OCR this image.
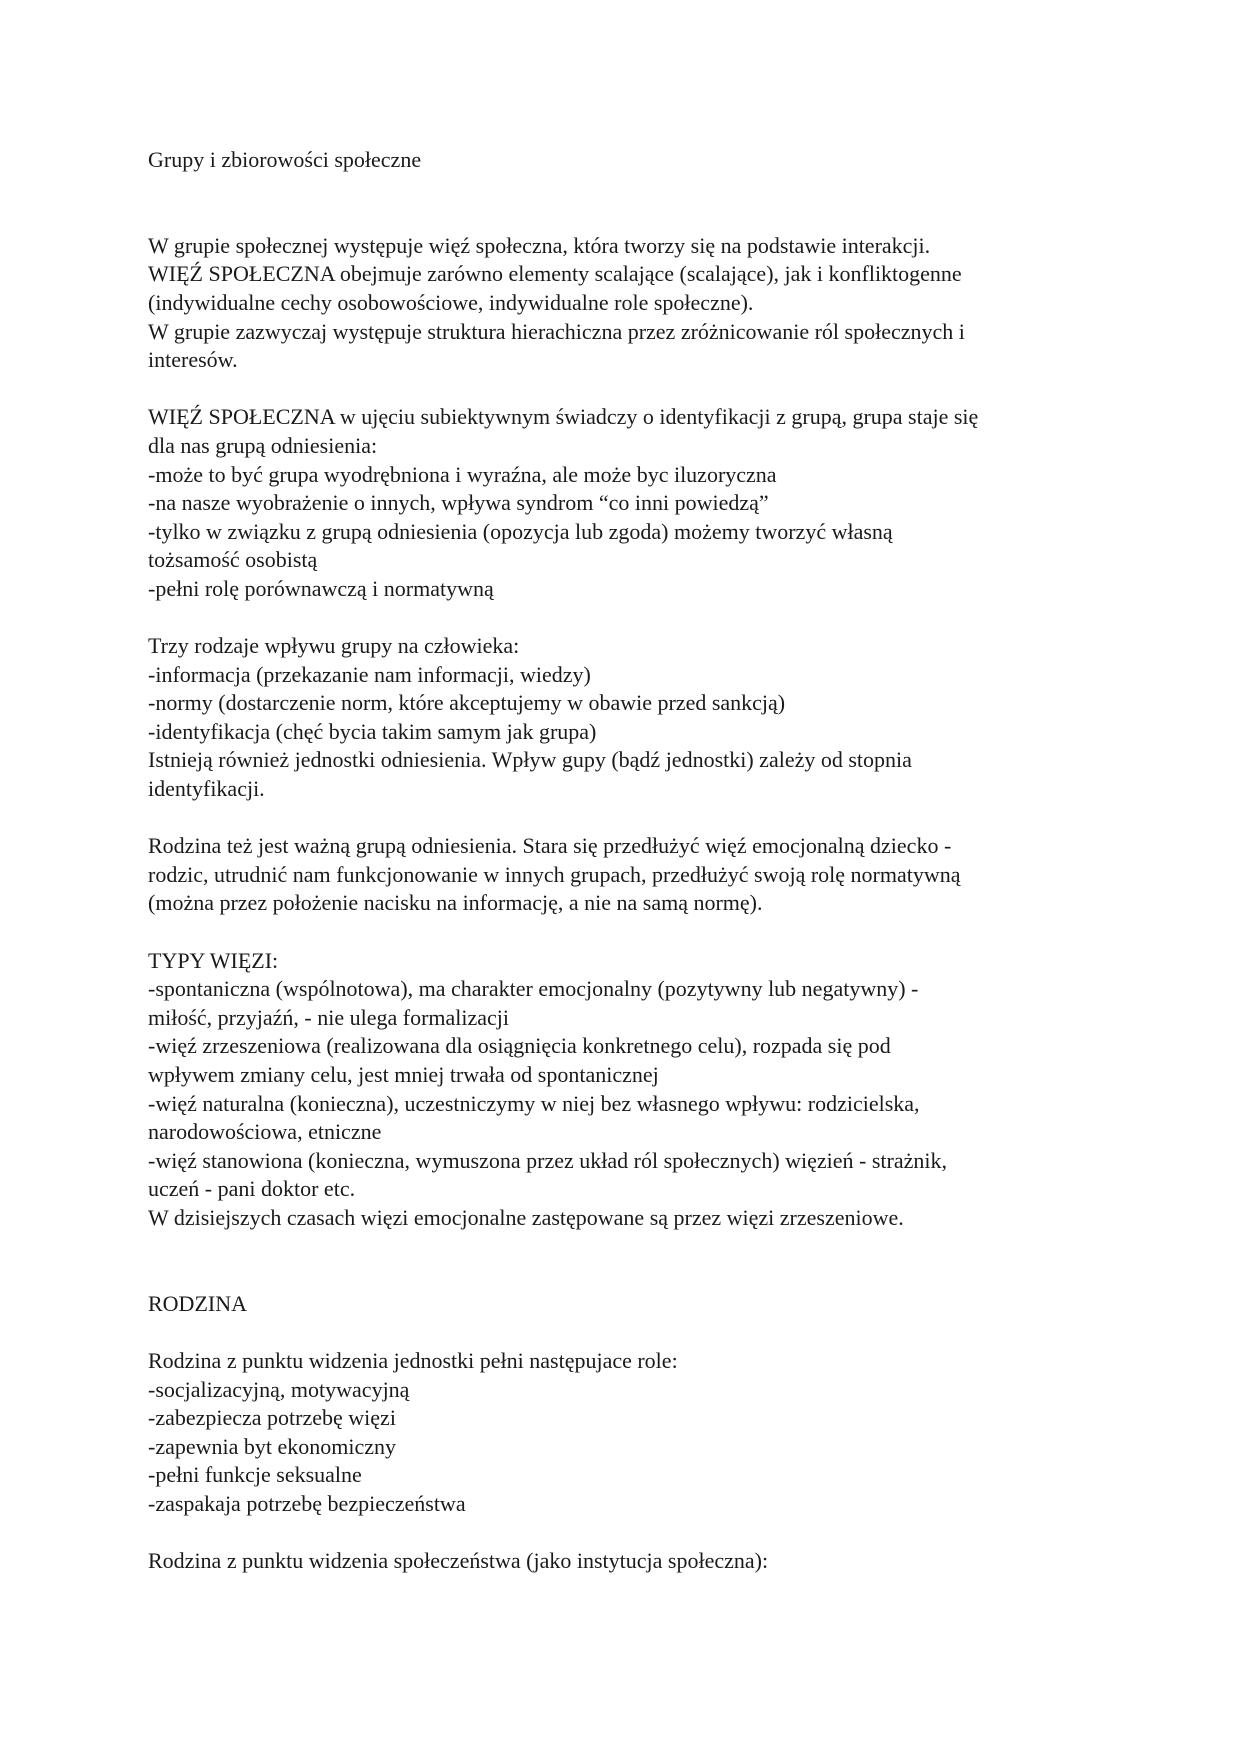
Grupy i zbiorowości społeczne
W grupie społecznej występuje więź społeczna, która tworzy się na podstawie interakcji.
WIĘŹ SPOŁECZNA obejmuje zarówno elementy scalające (scalające), jak i konfliktogenne
(indywidualne cechy osobowościowe, indywidualne role społeczne).
W grupie zazwyczaj występuje struktura hierachiczna przez zróżnicowanie ról społecznych i
interesów.
WIĘŹ SPOŁECZNA w ujęciu subiektywnym świadczy o identyfikacji z grupą, grupa staje się
dla nas grupą odniesienia:
-może to być grupa wyodrębniona i wyraźna, ale może byc iluzoryczna
-na nasze wyobrażenie o innych, wpływa syndrom “co inni powiedzą”
-tylko w związku z grupą odniesienia (opozycja lub zgoda) możemy tworzyć własną
tożsamość osobistą
-pełni rolę porównawczą i normatywną
Trzy rodzaje wpływu grupy na człowieka:
-informacja (przekazanie nam informacji, wiedzy)
-normy (dostarczenie norm, które akceptujemy w obawie przed sankcją)
-identyfikacja (chęć bycia takim samym jak grupa)
Istnieją również jednostki odniesienia. Wpływ gupy (bądź jednostki) zależy od stopnia
identyfikacji.
Rodzina też jest ważną grupą odniesienia. Stara się przedłużyć więź emocjonalną dziecko -
rodzic, utrudnić nam funkcjonowanie w innych grupach, przedłużyć swoją rolę normatywną
(można przez położenie nacisku na informację, a nie na samą normę).
TYPY WIĘZI:
-spontaniczna (wspólnotowa), ma charakter emocjonalny (pozytywny lub negatywny) -
miłość, przyjaźń, - nie ulega formalizacji
-więź zrzeszeniowa (realizowana dla osiągnięcia konkretnego celu), rozpada się pod
wpływem zmiany celu, jest mniej trwała od spontanicznej
-więź naturalna (konieczna), uczestniczymy w niej bez własnego wpływu: rodzicielska,
narodowościowa, etniczne
-więź stanowiona (konieczna, wymuszona przez układ ról społecznych) więzień - strażnik,
uczeń - pani doktor etc.
W dzisiejszych czasach więzi emocjonalne zastępowane są przez więzi zrzeszeniowe.
RODZINA
Rodzina z punktu widzenia jednostki pełni następujace role:
-socjalizacyjną, motywacyjną
-zabezpiecza potrzebę więzi
-zapewnia byt ekonomiczny
-pełni funkcje seksualne
-zaspakaja potrzebę bezpieczeństwa
Rodzina z punktu widzenia społeczeństwa (jako instytucja społeczna):
